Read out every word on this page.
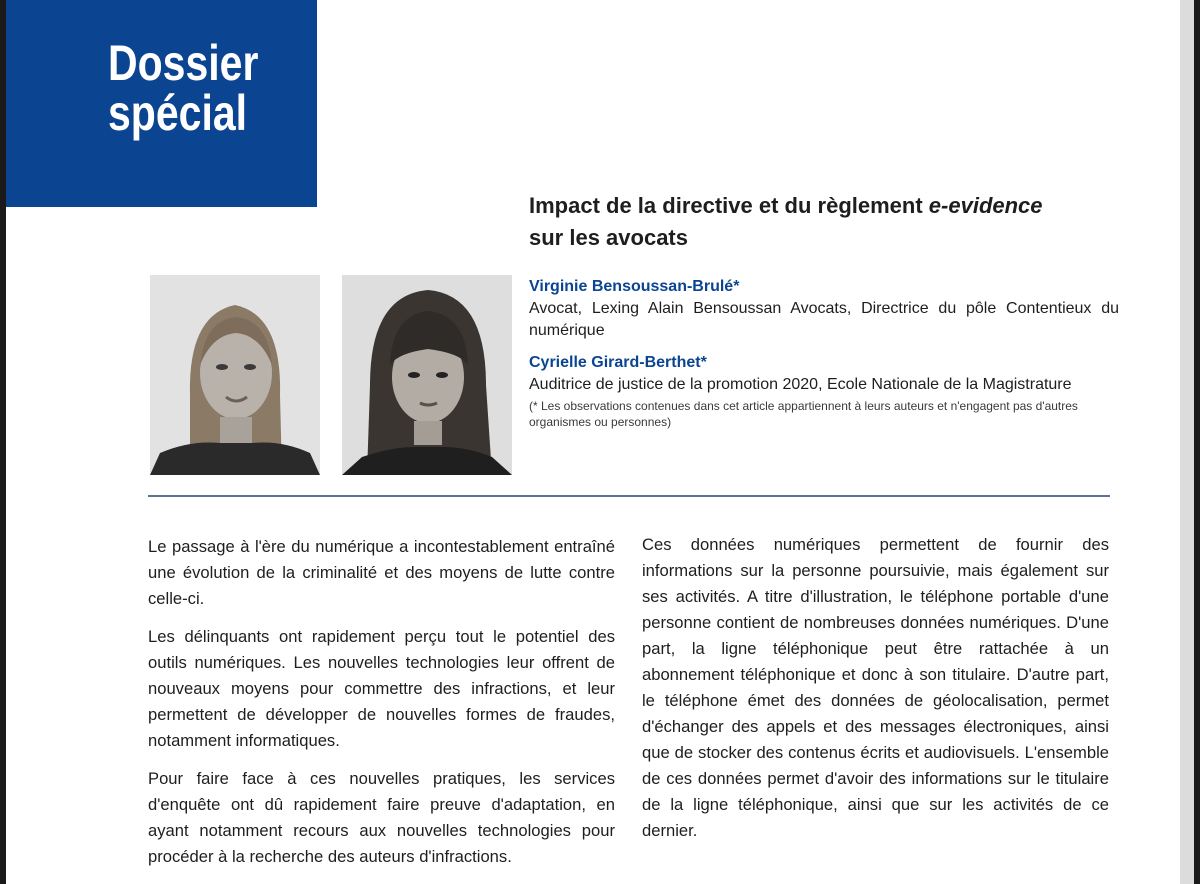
Dossier
spécial
Impact de la directive et du règlement e-evidence
sur les avocats
Virginie Bensoussan-Brulé*
Avocat, Lexing Alain Bensoussan Avocats, Directrice du pôle Contentieux du numérique
Cyrielle Girard-Berthet*
Auditrice de justice de la promotion 2020, Ecole Nationale de la Magistrature
(* Les observations contenues dans cet article appartiennent à leurs auteurs et n'engagent pas d'autres organismes ou personnes)

Le passage à l'ère du numérique a incontestablement entraîné une évolution de la criminalité et des moyens de lutte contre celle-ci.

Les délinquants ont rapidement perçu tout le potentiel des outils numériques. Les nouvelles technologies leur offrent de nouveaux moyens pour commettre des infractions, et leur permettent de développer de nouvelles formes de fraudes, notamment informatiques.

Pour faire face à ces nouvelles pratiques, les services d'enquête ont dû rapidement faire preuve d'adaptation, en ayant notamment recours aux nouvelles technologies pour procéder à la recherche des auteurs d'infractions.

Ces données numériques permettent de fournir des informations sur la personne poursuivie, mais également sur ses activités. A titre d'illustration, le téléphone portable d'une personne contient de nombreuses données numériques. D'une part, la ligne téléphonique peut être rattachée à un abonnement téléphonique et donc à son titulaire. D'autre part, le téléphone émet des données de géolocalisation, permet d'échanger des appels et des messages électroniques, ainsi que de stocker des contenus écrits et audiovisuels. L'ensemble de ces données permet d'avoir des informations sur le titulaire de la ligne téléphonique, ainsi que sur les activités de ce dernier.
